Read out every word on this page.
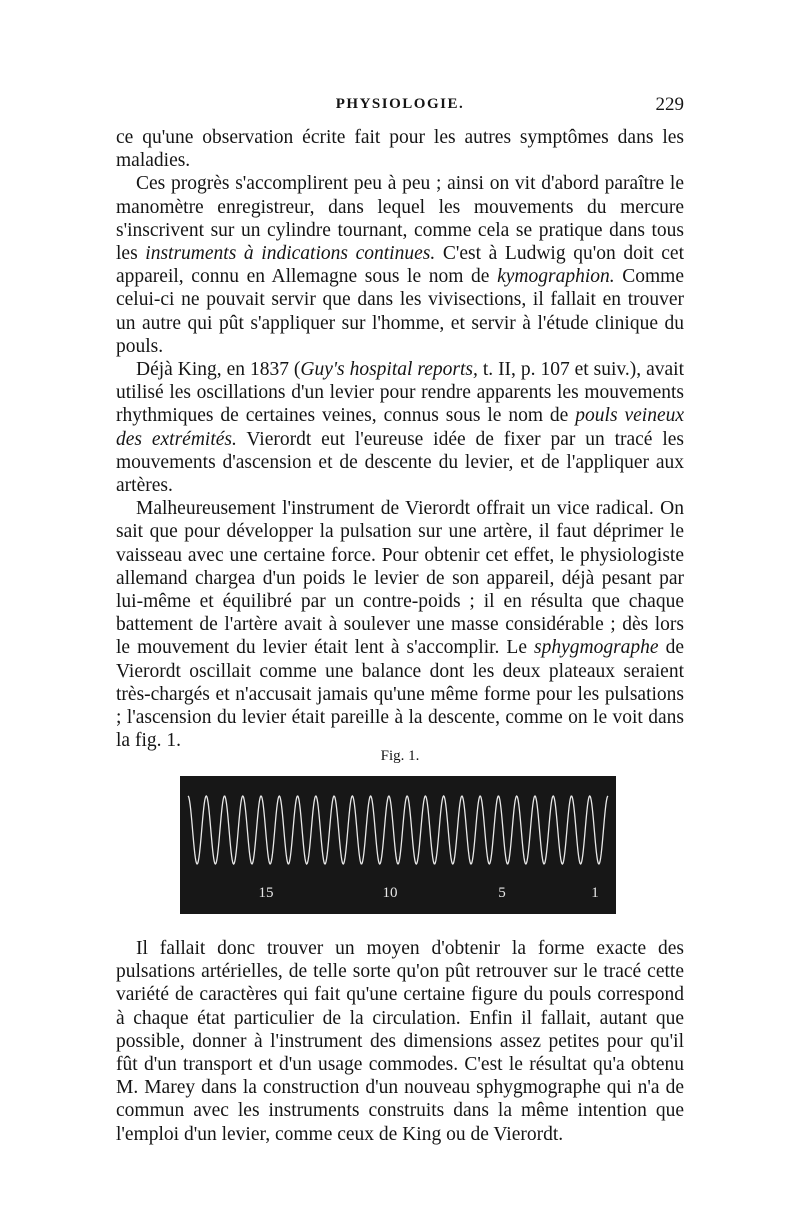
PHYSIOLOGIE.	229

ce qu'une observation écrite fait pour les autres symptômes dans les maladies.

Ces progrès s'accomplirent peu à peu ; ainsi on vit d'abord paraître le manomètre enregistreur, dans lequel les mouvements du mercure s'inscrivent sur un cylindre tournant, comme cela se pratique dans tous les instruments à indications continues. C'est à Ludwig qu'on doit cet appareil, connu en Allemagne sous le nom de kymographion. Comme celui-ci ne pouvait servir que dans les vivisections, il fallait en trouver un autre qui pût s'appliquer sur l'homme, et servir à l'étude clinique du pouls.

Déjà King, en 1837 (Guy's hospital reports, t. II, p. 107 et suiv.), avait utilisé les oscillations d'un levier pour rendre apparents les mouvements rhythmiques de certaines veines, connus sous le nom de pouls veineux des extrémités. Vierordt eut l'eureuse idée de fixer par un tracé les mouvements d'ascension et de descente du levier, et de l'appliquer aux artères.

Malheureusement l'instrument de Vierordt offrait un vice radical. On sait que pour développer la pulsation sur une artère, il faut déprimer le vaisseau avec une certaine force. Pour obtenir cet effet, le physiologiste allemand chargea d'un poids le levier de son appareil, déjà pesant par lui-même et équilibré par un contre-poids ; il en résulta que chaque battement de l'artère avait à soulever une masse considérable ; dès lors le mouvement du levier était lent à s'accomplir. Le sphygmographe de Vierordt oscillait comme une balance dont les deux plateaux seraient très-chargés et n'accusait jamais qu'une même forme pour les pulsations ; l'ascension du levier était pareille à la descente, comme on le voit dans la fig. 1.

Fig. 1.
15	10	5	1

Il fallait donc trouver un moyen d'obtenir la forme exacte des pulsations artérielles, de telle sorte qu'on pût retrouver sur le tracé cette variété de caractères qui fait qu'une certaine figure du pouls correspond à chaque état particulier de la circulation. Enfin il fallait, autant que possible, donner à l'instrument des dimensions assez petites pour qu'il fût d'un transport et d'un usage commodes. C'est le résultat qu'a obtenu M. Marey dans la construction d'un nouveau sphygmographe qui n'a de commun avec les instruments construits dans la même intention que l'emploi d'un levier, comme ceux de King ou de Vierordt.
